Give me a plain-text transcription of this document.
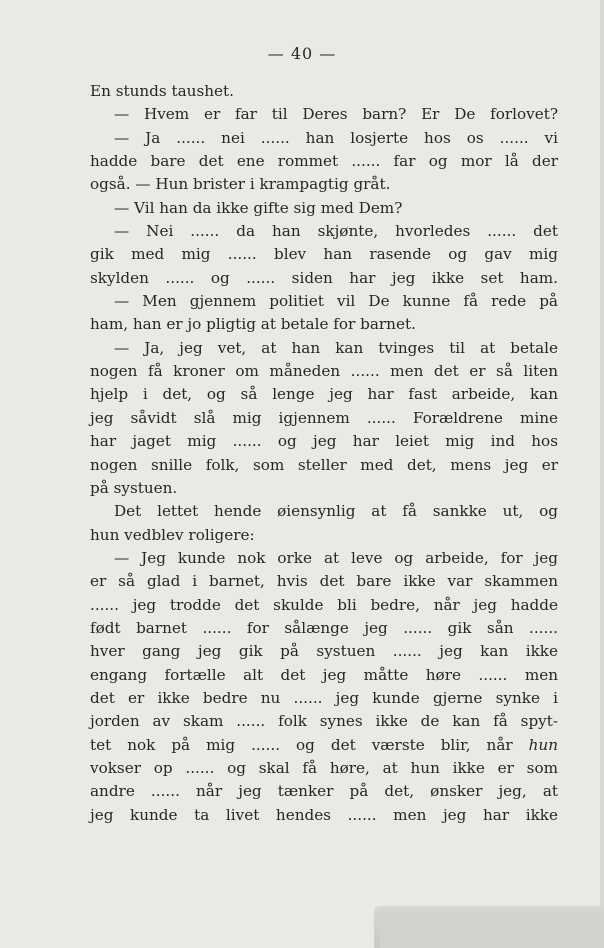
— 40 —
En stunds taushet.
— Hvem er far til Deres barn? Er De forlovet?
— Ja ...... nei ...... han losjerte hos os ...... vi
hadde bare det ene rommet ...... far og mor lå der
også. — Hun brister i krampagtig gråt.
— Vil han da ikke gifte sig med Dem?
— Nei ...... da han skjønte, hvorledes ...... det
gik med mig ...... blev han rasende og gav mig
skylden ...... og ...... siden har jeg ikke set ham.
— Men gjennem politiet vil De kunne få rede på
ham, han er jo pligtig at betale for barnet.
— Ja, jeg vet, at han kan tvinges til at betale
nogen få kroner om måneden ...... men det er så liten
hjelp i det, og så lenge jeg har fast arbeide, kan
jeg såvidt slå mig igjennem ...... Forældrene mine
har jaget mig ...... og jeg har leiet mig ind hos
nogen snille folk, som steller med det, mens jeg er
på systuen.
Det lettet hende øiensynlig at få sankke ut, og
hun vedblev roligere:
— Jeg kunde nok orke at leve og arbeide, for jeg
er så glad i barnet, hvis det bare ikke var skammen
...... jeg trodde det skulde bli bedre, når jeg hadde
født barnet ...... for sålænge jeg ...... gik sån ......
hver gang jeg gik på systuen ...... jeg kan ikke
engang fortælle alt det jeg måtte høre ...... men
det er ikke bedre nu ...... jeg kunde gjerne synke i
jorden av skam ...... folk synes ikke de kan få spyt-
tet nok på mig ...... og det værste blir, når hun
vokser op ...... og skal få høre, at hun ikke er som
andre ...... når jeg tænker på det, ønsker jeg, at
jeg kunde ta livet hendes ...... men jeg har ikke
